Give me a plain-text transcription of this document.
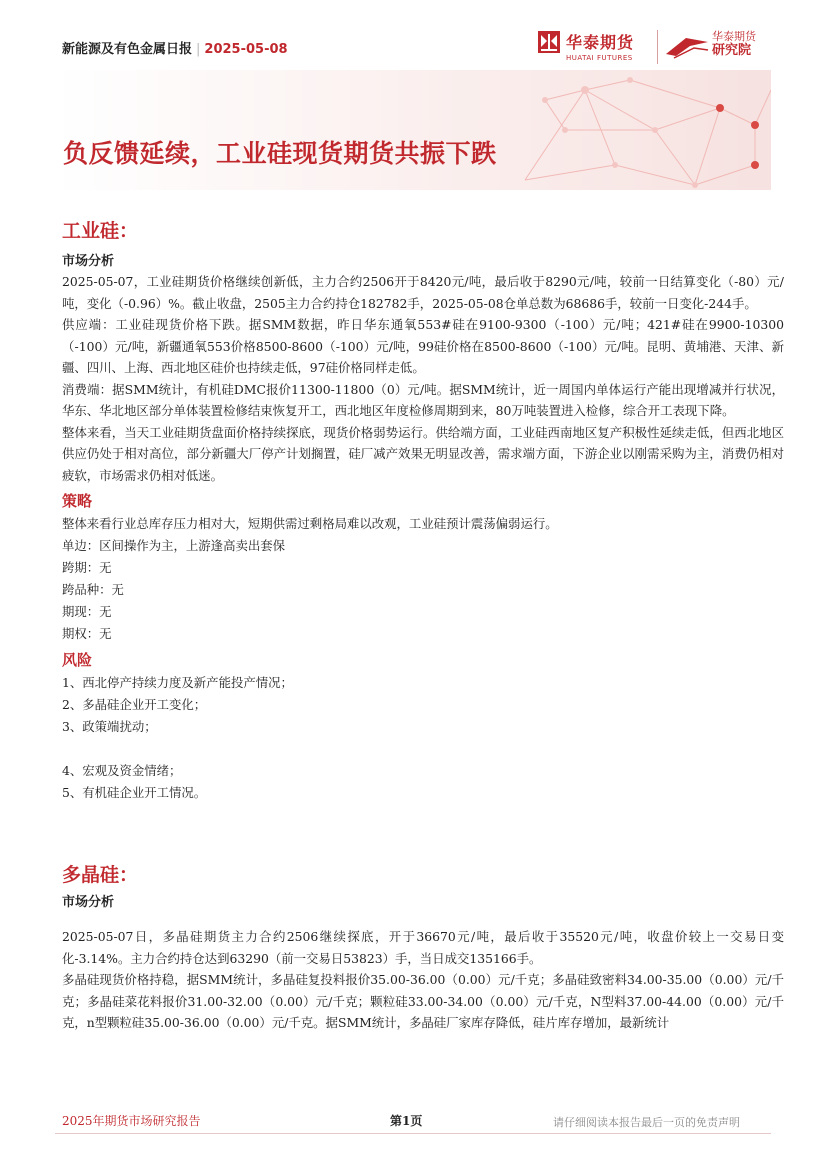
新能源及有色金属日报 | 2025-05-08	华泰期货
HUATAI FUTURES
华泰期货
研究院
负反馈延续，工业硅现货期货共振下跌
工业硅：
市场分析

2025-05-07，工业硅期货价格继续创新低，主力合约2506开于8420元/吨，最后收于8290元/吨，较前一日结算变化（-80）元/吨，变化（-0.96）%。截止收盘，2505主力合约持仓182782手，2025-05-08仓单总数为68686手，较前一日变化-244手。

供应端：工业硅现货价格下跌。据SMM数据，昨日华东通氧553#硅在9100-9300（-100）元/吨；421#硅在9900-10300（-100）元/吨，新疆通氧553价格8500-8600（-100）元/吨，99硅价格在8500-8600（-100）元/吨。昆明、黄埔港、天津、新疆、四川、上海、西北地区硅价也持续走低，97硅价格同样走低。

消费端：据SMM统计，有机硅DMC报价11300-11800（0）元/吨。据SMM统计，近一周国内单体运行产能出现增减并行状况，华东、华北地区部分单体装置检修结束恢复开工，西北地区年度检修周期到来，80万吨装置进入检修，综合开工表现下降。

整体来看，当天工业硅期货盘面价格持续探底，现货价格弱势运行。供给端方面，工业硅西南地区复产积极性延续走低，但西北地区供应仍处于相对高位，部分新疆大厂停产计划搁置，硅厂减产效果无明显改善，需求端方面，下游企业以刚需采购为主，消费仍相对疲软，市场需求仍相对低迷。

策略

整体来看行业总库存压力相对大，短期供需过剩格局难以改观，工业硅预计震荡偏弱运行。

单边：区间操作为主，上游逢高卖出套保

跨期：无

跨品种：无

期现：无

期权：无

风险

1、西北停产持续力度及新产能投产情况；

2、多晶硅企业开工变化；

3、政策端扰动；

4、宏观及资金情绪；

5、有机硅企业开工情况。

多晶硅：
市场分析

2025-05-07日，多晶硅期货主力合约2506继续探底，开于36670元/吨，最后收于35520元/吨，收盘价较上一交易日变化-3.14%。主力合约持仓达到63290（前一交易日53823）手，当日成交135166手。

多晶硅现货价格持稳，据SMM统计，多晶硅复投料报价35.00-36.00（0.00）元/千克；多晶硅致密料34.00-35.00（0.00）元/千克；多晶硅菜花料报价31.00-32.00（0.00）元/千克；颗粒硅33.00-34.00（0.00）元/千克，N型料37.00-44.00（0.00）元/千克，n型颗粒硅35.00-36.00（0.00）元/千克。据SMM统计，多晶硅厂家库存降低，硅片库存增加，最新统计

2025年期货市场研究报告	第1页	请仔细阅读本报告最后一页的免责声明
